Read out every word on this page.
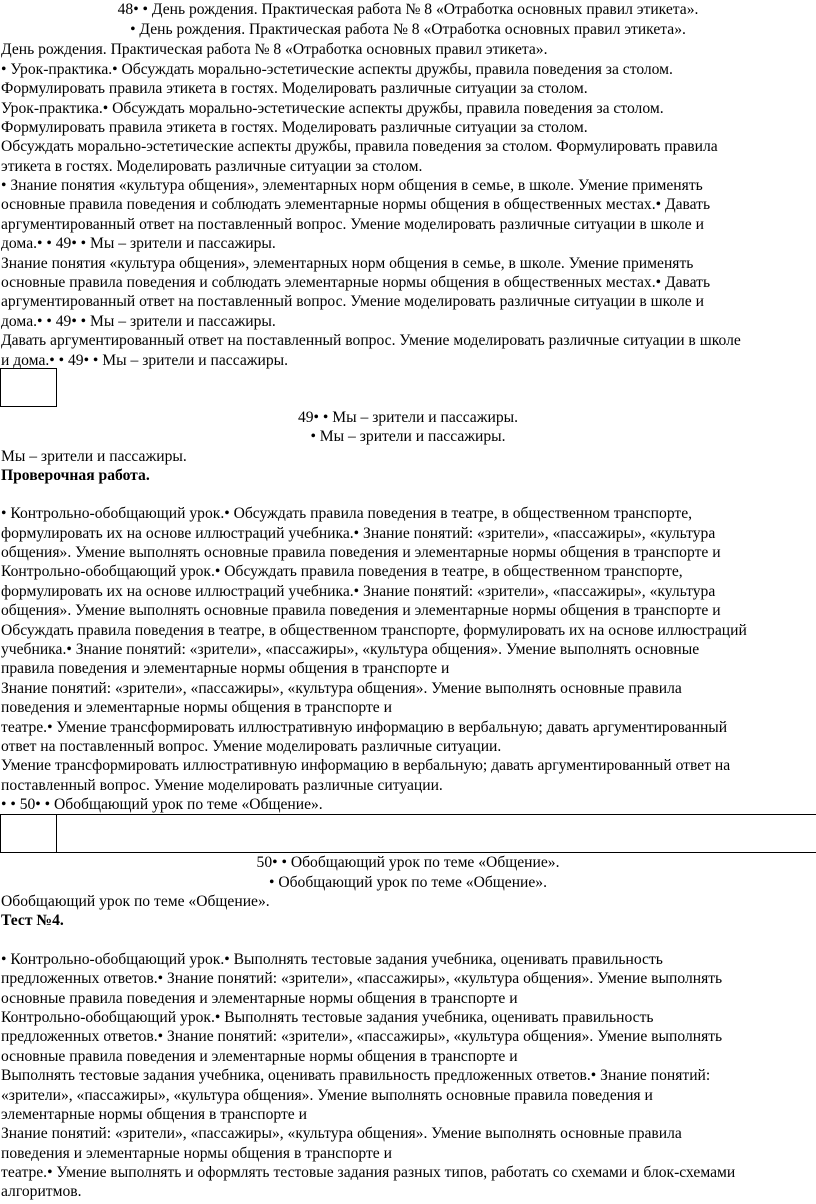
48• • День рождения. Практическая работа № 8 «Отработка основных правил этикета».
• День рождения. Практическая работа № 8 «Отработка основных правил этикета».
День рождения. Практическая работа № 8 «Отработка основных правил этикета».
• Урок-практика.• Обсуждать морально-эстетические аспекты дружбы, правила поведения за столом.
Формулировать правила этикета в гостях. Моделировать различные ситуации за столом.
Урок-практика.• Обсуждать морально-эстетические аспекты дружбы, правила поведения за столом.
Формулировать правила этикета в гостях. Моделировать различные ситуации за столом.
Обсуждать морально-эстетические аспекты дружбы, правила поведения за столом. Формулировать правила
этикета в гостях. Моделировать различные ситуации за столом.
• Знание понятия «культура общения», элементарных норм общения в семье, в школе. Умение применять
основные правила поведения и соблюдать элементарные нормы общения в общественных местах.• Давать
аргументированный ответ на поставленный вопрос. Умение моделировать различные ситуации в школе и
дома.• • 49• • Мы – зрители и пассажиры.
Знание понятия «культура общения», элементарных норм общения в семье, в школе. Умение применять
основные правила поведения и соблюдать элементарные нормы общения в общественных местах.• Давать
аргументированный ответ на поставленный вопрос. Умение моделировать различные ситуации в школе и
дома.• • 49• • Мы – зрители и пассажиры.
Давать аргументированный ответ на поставленный вопрос. Умение моделировать различные ситуации в школе
и дома.• • 49• • Мы – зрители и пассажиры.
49• • Мы – зрители и пассажиры.
• Мы – зрители и пассажиры.
Мы – зрители и пассажиры.
Проверочная работа.
• Контрольно-обобщающий урок.• Обсуждать правила поведения в театре, в общественном транспорте,
формулировать их на основе иллюстраций учебника.• Знание понятий: «зрители», «пассажиры», «культура
общения». Умение выполнять основные правила поведения и элементарные нормы общения в транспорте и
Контрольно-обобщающий урок.• Обсуждать правила поведения в театре, в общественном транспорте,
формулировать их на основе иллюстраций учебника.• Знание понятий: «зрители», «пассажиры», «культура
общения». Умение выполнять основные правила поведения и элементарные нормы общения в транспорте и
Обсуждать правила поведения в театре, в общественном транспорте, формулировать их на основе иллюстраций
учебника.• Знание понятий: «зрители», «пассажиры», «культура общения». Умение выполнять основные
правила поведения и элементарные нормы общения в транспорте и
Знание понятий: «зрители», «пассажиры», «культура общения». Умение выполнять основные правила
поведения и элементарные нормы общения в транспорте и
театре.• Умение трансформировать иллюстративную информацию в вербальную; давать аргументированный
ответ на поставленный вопрос. Умение моделировать различные ситуации.
Умение трансформировать иллюстративную информацию в вербальную; давать аргументированный ответ на
поставленный вопрос. Умение моделировать различные ситуации.
• • 50• • Обобщающий урок по теме «Общение».
50• • Обобщающий урок по теме «Общение».
• Обобщающий урок по теме «Общение».
Обобщающий урок по теме «Общение».
Тест №4.
• Контрольно-обобщающий урок.• Выполнять тестовые задания учебника, оценивать правильность
предложенных ответов.• Знание понятий: «зрители», «пассажиры», «культура общения». Умение выполнять
основные правила поведения и элементарные нормы общения в транспорте и
Контрольно-обобщающий урок.• Выполнять тестовые задания учебника, оценивать правильность
предложенных ответов.• Знание понятий: «зрители», «пассажиры», «культура общения». Умение выполнять
основные правила поведения и элементарные нормы общения в транспорте и
Выполнять тестовые задания учебника, оценивать правильность предложенных ответов.• Знание понятий:
«зрители», «пассажиры», «культура общения». Умение выполнять основные правила поведения и
элементарные нормы общения в транспорте и
Знание понятий: «зрители», «пассажиры», «культура общения». Умение выполнять основные правила
поведения и элементарные нормы общения в транспорте и
театре.• Умение выполнять и оформлять тестовые задания разных типов, работать со схемами и блок-схемами
алгоритмов.
